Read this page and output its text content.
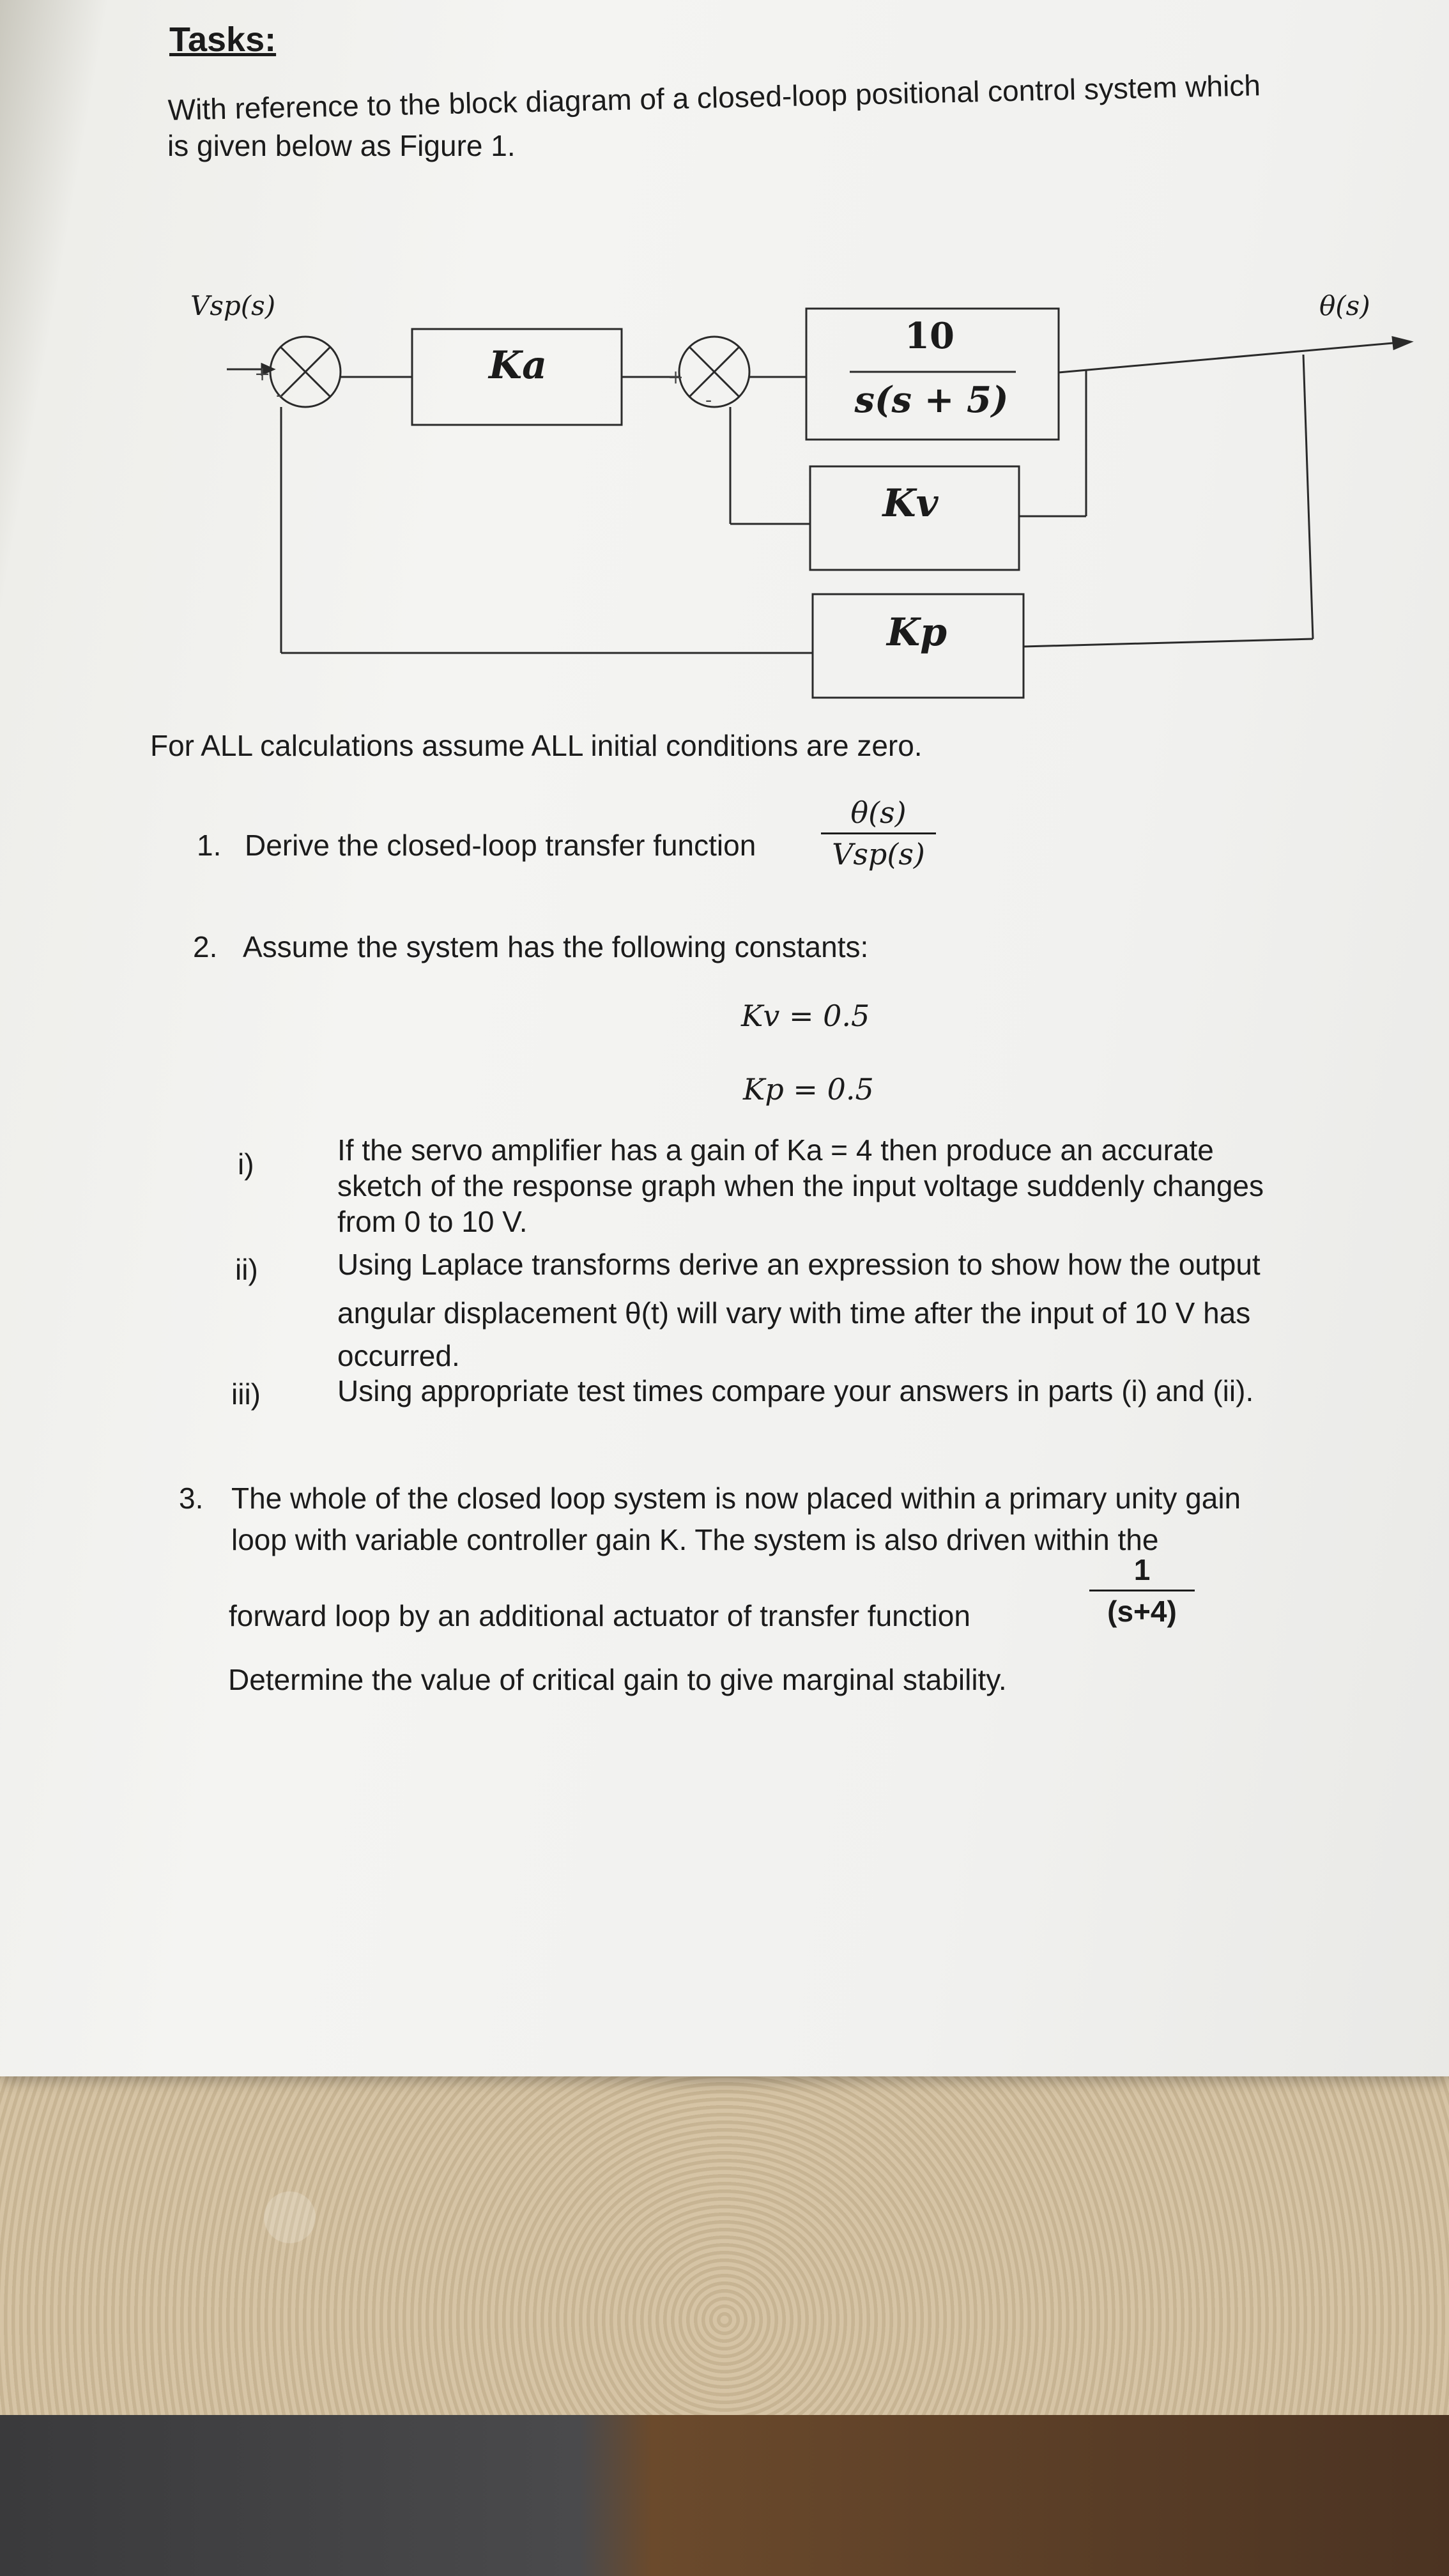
Tasks:
With reference to the block diagram of a closed-loop positional control system which
is given below as Figure 1.
Vsp(s)	θ(s)
+
-
+
-
Ka
10
s(s + 5)
Kv
Kp
For ALL calculations assume ALL initial conditions are zero.
1. Derive the closed-loop transfer function
θ(s)
Vsp(s)
2. Assume the system has the following constants:
Kv = 0.5
Kp = 0.5
i)	If the servo amplifier has a gain of Ka = 4 then produce an accurate
sketch of the response graph when the input voltage suddenly changes
from 0 to 10 V.
ii)	Using Laplace transforms derive an expression to show how the output
angular displacement θ(t) will vary with time after the input of 10 V has
occurred.
iii)	Using appropriate test times compare your answers in parts (i) and (ii).
3. The whole of the closed loop system is now placed within a primary unity gain
loop with variable controller gain K. The system is also driven within the
forward loop by an additional actuator of transfer function
1
(s+4)
Determine the value of critical gain to give marginal stability.
